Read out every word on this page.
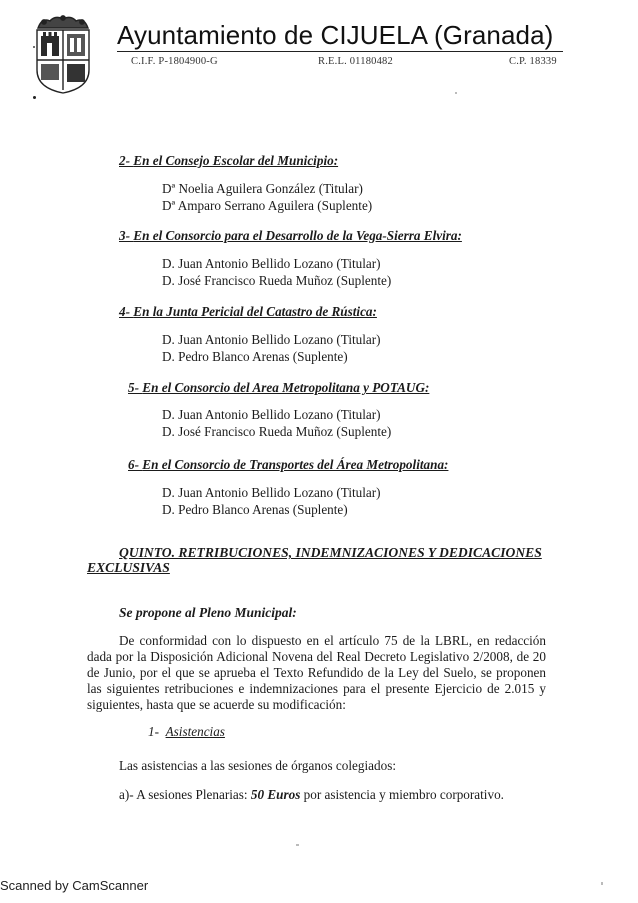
Ayuntamiento de CIJUELA (Granada)
C.I.F. P-1804900-G	R.E.L. 01180482	C.P. 18339
2- En el Consejo Escolar del Municipio:
Dª Noelia Aguilera González (Titular)
Dª Amparo Serrano Aguilera (Suplente)
3- En el Consorcio para el Desarrollo de la Vega-Sierra Elvira:
D. Juan Antonio Bellido Lozano (Titular)
D. José Francisco Rueda Muñoz (Suplente)
4- En la Junta Pericial del Catastro de Rústica:
D. Juan Antonio Bellido Lozano (Titular)
D. Pedro Blanco Arenas (Suplente)
5- En el Consorcio del Area Metropolitana y POTAUG:
D. Juan Antonio Bellido Lozano (Titular)
D. José Francisco Rueda Muñoz (Suplente)
6- En el Consorcio de Transportes del Área Metropolitana:
D. Juan Antonio Bellido Lozano (Titular)
D. Pedro Blanco Arenas (Suplente)
QUINTO. RETRIBUCIONES, INDEMNIZACIONES Y DEDICACIONES
EXCLUSIVAS
Se propone al Pleno Municipal:
De conformidad con lo dispuesto en el artículo 75 de la LBRL, en redacción dada por la Disposición Adicional Novena del Real Decreto Legislativo 2/2008, de 20 de Junio, por el que se aprueba el Texto Refundido de la Ley del Suelo, se proponen las siguientes retribuciones e indemnizaciones para el presente Ejercicio de 2.015 y siguientes, hasta que se acuerde su modificación:
1- Asistencias
Las asistencias a las sesiones de órganos colegiados:
a)- A sesiones Plenarias: 50 Euros por asistencia y miembro corporativo.
Scanned by CamScanner
